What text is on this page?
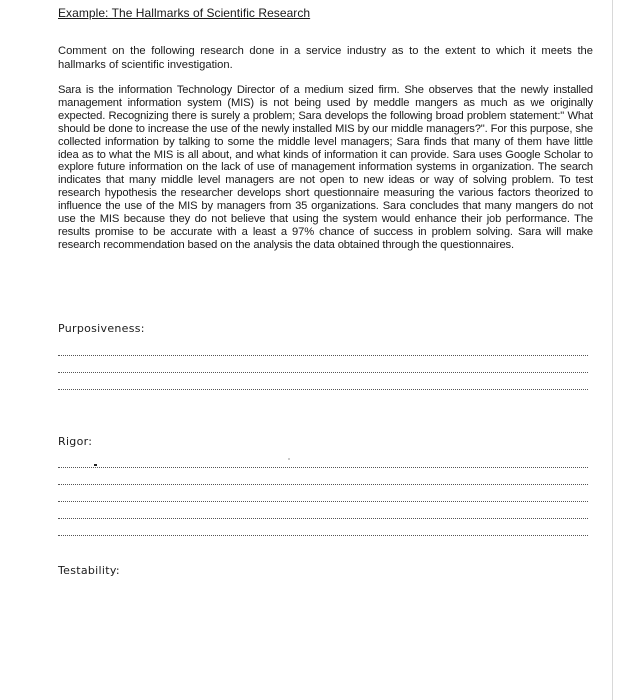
Example: The Hallmarks of Scientific Research

Comment on the following research done in a service industry as to the extent to which it meets the hallmarks of scientific investigation.

Sara is the information Technology Director of a medium sized firm. She observes that the newly installed management information system (MIS) is not being used by meddle mangers as much as we originally expected. Recognizing there is surely a problem; Sara develops the following broad problem statement:" What should be done to increase the use of the newly installed MIS by our middle managers?". For this purpose, she collected information by talking to some the middle level managers; Sara finds that many of them have little idea as to what the MIS is all about, and what kinds of information it can provide. Sara uses Google Scholar to explore future information on the lack of use of management information systems in organization. The search indicates that many middle level managers are not open to new ideas or way of solving problem. To test research hypothesis the researcher develops short questionnaire measuring the various factors theorized to influence the use of the MIS by managers from 35 organizations. Sara concludes that many mangers do not use the MIS because they do not believe that using the system would enhance their job performance. The results promise to be accurate with a least a 97% chance of success in problem solving. Sara will make research recommendation based on the analysis the data obtained through the questionnaires.

Purposiveness:
Rigor:
Testability:
